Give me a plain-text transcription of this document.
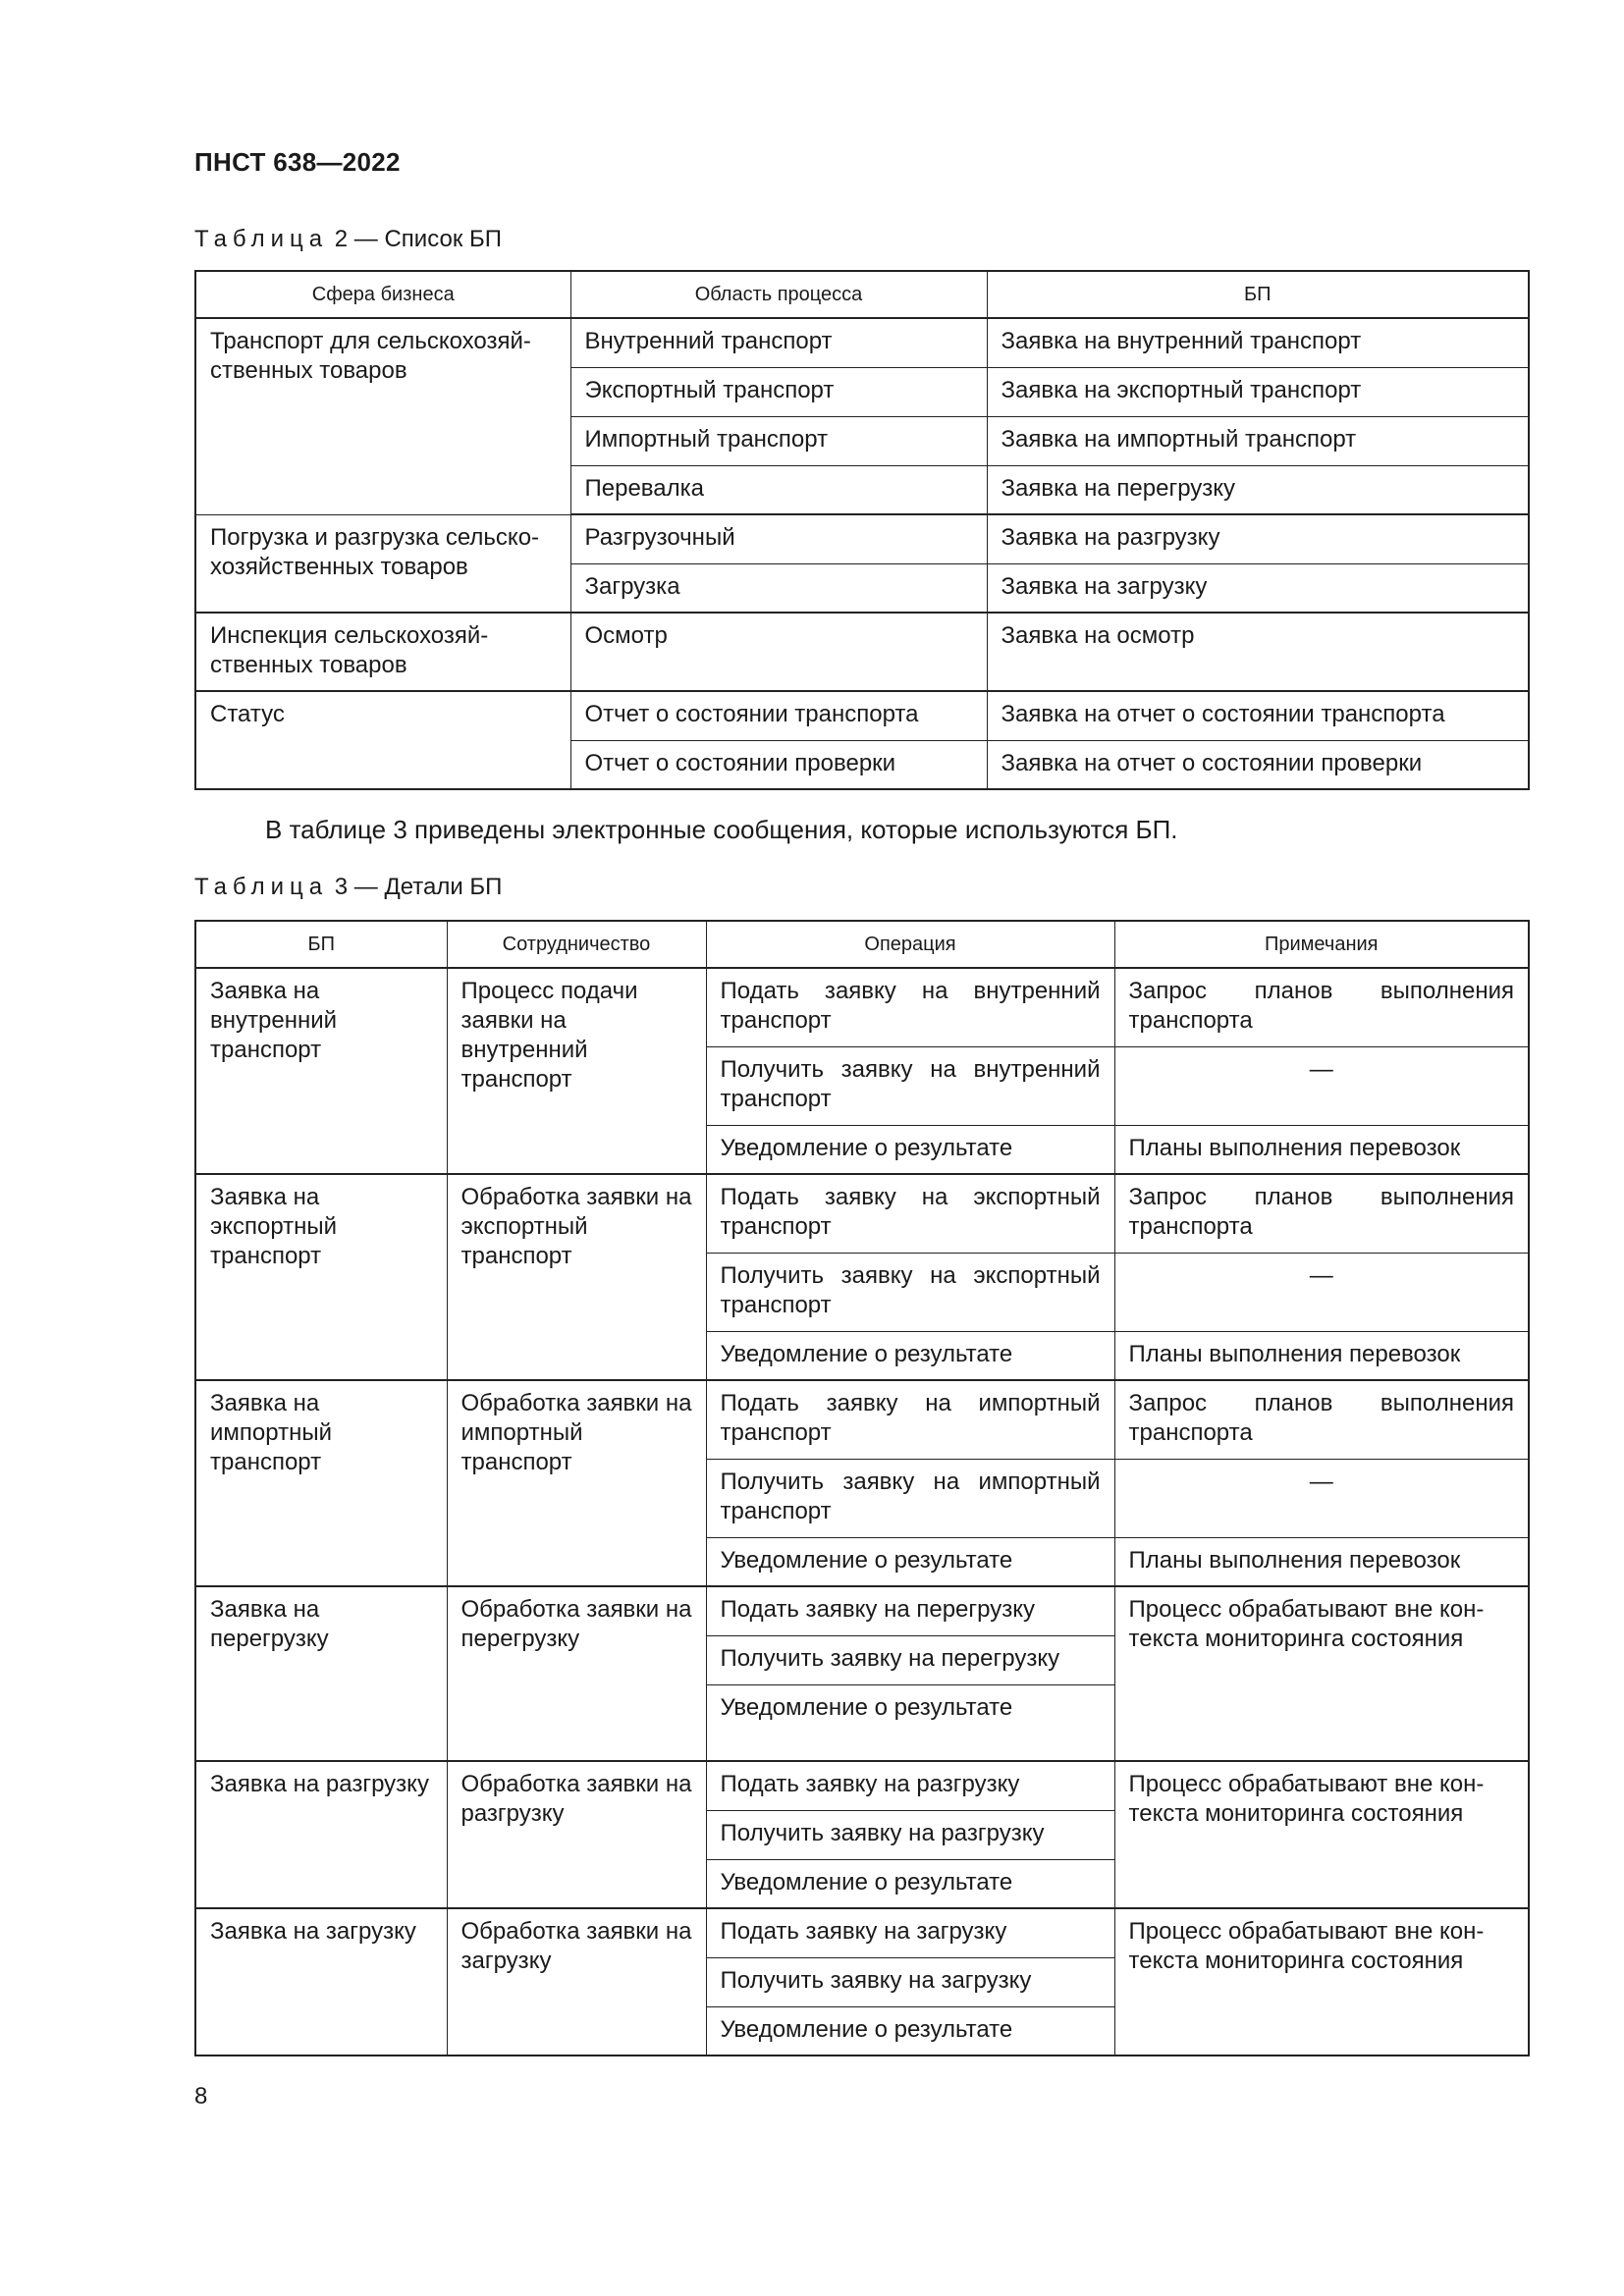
ПНСТ 638—2022
Таблица 2 — Список БП
Сфера бизнеса	Область процесса	БП
Транспорт для сельскохозяй-ственных товаров	Внутренний транспорт	Заявка на внутренний транспорт
	Экспортный транспорт	Заявка на экспортный транспорт
	Импортный транспорт	Заявка на импортный транспорт
	Перевалка	Заявка на перегрузку
Погрузка и разгрузка сельско-хозяйственных товаров	Разгрузочный	Заявка на разгрузку
	Загрузка	Заявка на загрузку
Инспекция сельскохозяй-ственных товаров	Осмотр	Заявка на осмотр
Статус	Отчет о состоянии транспорта	Заявка на отчет о состоянии транспорта
	Отчет о состоянии проверки	Заявка на отчет о состоянии проверки
В таблице 3 приведены электронные сообщения, которые используются БП.
Таблица 3 — Детали БП
БП	Сотрудничество	Операция	Примечания
Заявка на внутренний транспорт	Процесс подачи заявки на внутренний транспорт	Подать заявку на внутренний транспорт	Запрос планов выполнения транспорта
		Получить заявку на внутренний транспорт	—
		Уведомление о результате	Планы выполнения перевозок
Заявка на экспортный транспорт	Обработка заявки на экспортный транспорт	Подать заявку на экспортный транспорт	Запрос планов выполнения транспорта
		Получить заявку на экспортный транспорт	—
		Уведомление о результате	Планы выполнения перевозок
Заявка на импортный транспорт	Обработка заявки на импортный транспорт	Подать заявку на импортный транспорт	Запрос планов выполнения транспорта
		Получить заявку на импортный транспорт	—
		Уведомление о результате	Планы выполнения перевозок
Заявка на перегрузку	Обработка заявки на перегрузку	Подать заявку на перегрузку	Процесс обрабатывают вне кон-текста мониторинга состояния
		Получить заявку на перегрузку	
		Уведомление о результате	
Заявка на разгрузку	Обработка заявки на разгрузку	Подать заявку на разгрузку	Процесс обрабатывают вне кон-текста мониторинга состояния
		Получить заявку на разгрузку	
		Уведомление о результате	
Заявка на загрузку	Обработка заявки на загрузку	Подать заявку на загрузку	Процесс обрабатывают вне кон-текста мониторинга состояния
		Получить заявку на загрузку	
		Уведомление о результате	
8
